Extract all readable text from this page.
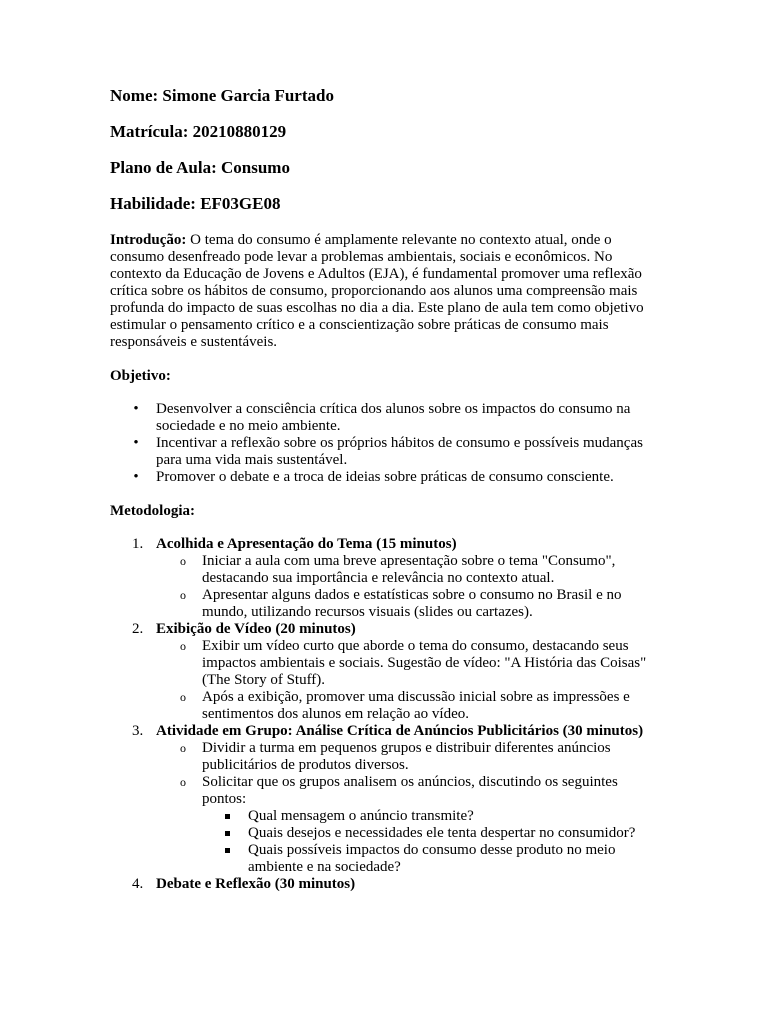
Nome: Simone Garcia Furtado
Matrícula: 20210880129
Plano de Aula: Consumo
Habilidade: EF03GE08

Introdução: O tema do consumo é amplamente relevante no contexto atual, onde o consumo desenfreado pode levar a problemas ambientais, sociais e econômicos. No contexto da Educação de Jovens e Adultos (EJA), é fundamental promover uma reflexão crítica sobre os hábitos de consumo, proporcionando aos alunos uma compreensão mais profunda do impacto de suas escolhas no dia a dia. Este plano de aula tem como objetivo estimular o pensamento crítico e a conscientização sobre práticas de consumo mais responsáveis e sustentáveis.

Objetivo:
• Desenvolver a consciência crítica dos alunos sobre os impactos do consumo na sociedade e no meio ambiente.
• Incentivar a reflexão sobre os próprios hábitos de consumo e possíveis mudanças para uma vida mais sustentável.
• Promover o debate e a troca de ideias sobre práticas de consumo consciente.
Metodologia:
1. Acolhida e Apresentação do Tema (15 minutos)
o Iniciar a aula com uma breve apresentação sobre o tema "Consumo", destacando sua importância e relevância no contexto atual.
o Apresentar alguns dados e estatísticas sobre o consumo no Brasil e no mundo, utilizando recursos visuais (slides ou cartazes).
2. Exibição de Vídeo (20 minutos)
o Exibir um vídeo curto que aborde o tema do consumo, destacando seus impactos ambientais e sociais. Sugestão de vídeo: "A História das Coisas" (The Story of Stuff).
o Após a exibição, promover uma discussão inicial sobre as impressões e sentimentos dos alunos em relação ao vídeo.
3. Atividade em Grupo: Análise Crítica de Anúncios Publicitários (30 minutos)
o Dividir a turma em pequenos grupos e distribuir diferentes anúncios publicitários de produtos diversos.
o Solicitar que os grupos analisem os anúncios, discutindo os seguintes pontos:
Qual mensagem o anúncio transmite?
Quais desejos e necessidades ele tenta despertar no consumidor?
Quais possíveis impactos do consumo desse produto no meio ambiente e na sociedade?
4. Debate e Reflexão (30 minutos)
